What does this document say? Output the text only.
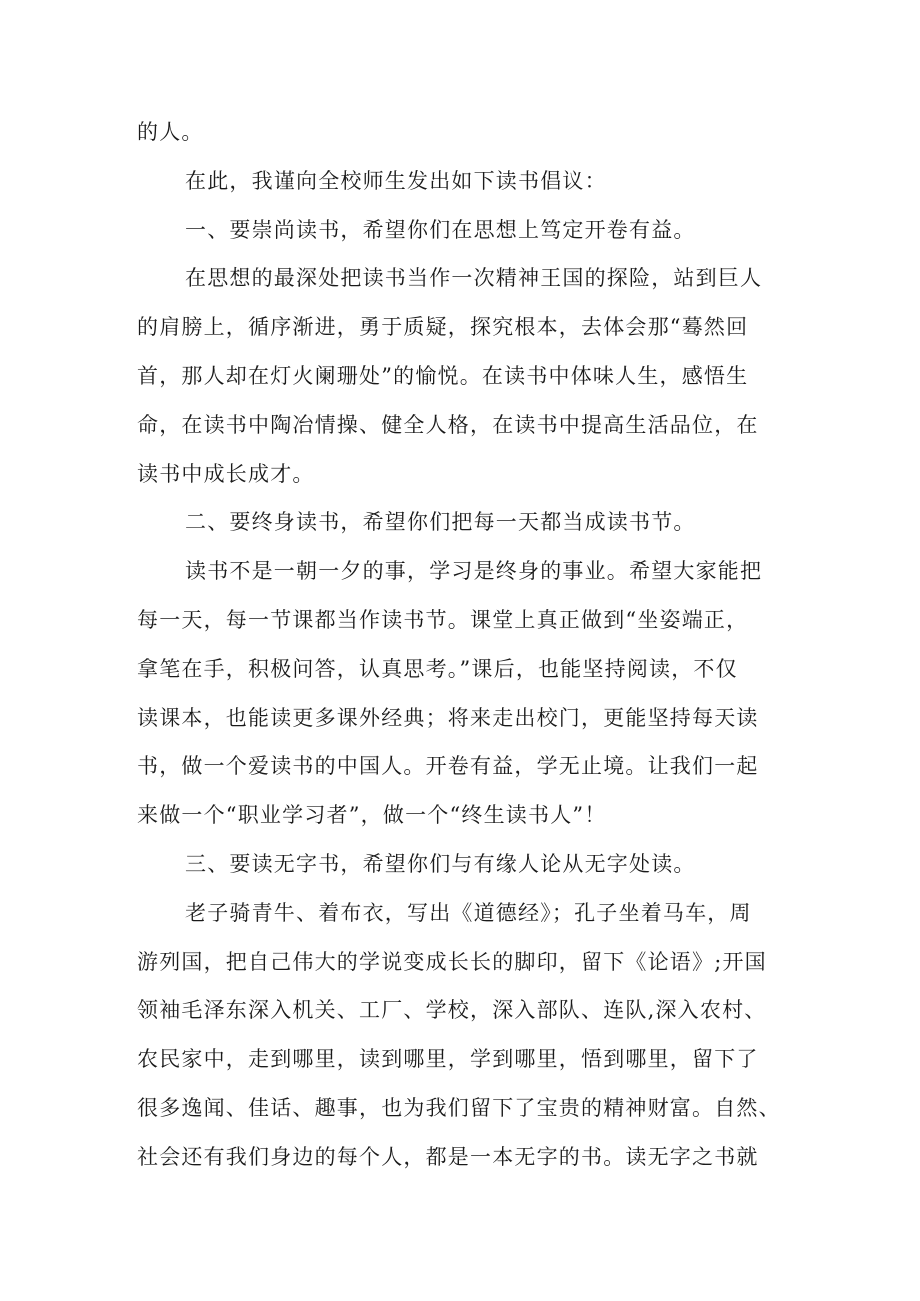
的人。
在此，我谨向全校师生发出如下读书倡议：
一、要崇尚读书，希望你们在思想上笃定开卷有益。
在思想的最深处把读书当作一次精神王国的探险，站到巨人
的肩膀上，循序渐进，勇于质疑，探究根本，去体会那“蓦然回
首，那人却在灯火阑珊处”的愉悦。在读书中体味人生，感悟生
命，在读书中陶冶情操、健全人格，在读书中提高生活品位，在
读书中成长成才。
二、要终身读书，希望你们把每一天都当成读书节。
读书不是一朝一夕的事，学习是终身的事业。希望大家能把
每一天，每一节课都当作读书节。课堂上真正做到“坐姿端正，
拿笔在手，积极问答，认真思考。”课后，也能坚持阅读，不仅
读课本，也能读更多课外经典；将来走出校门，更能坚持每天读
书，做一个爱读书的中国人。开卷有益，学无止境。让我们一起
来做一个“职业学习者”，做一个“终生读书人”！
三、要读无字书，希望你们与有缘人论从无字处读。
老子骑青牛、着布衣，写出《道德经》；孔子坐着马车，周
游列国，把自己伟大的学说变成长长的脚印，留下《论语》;开国
领袖毛泽东深入机关、工厂、学校，深入部队、连队,深入农村、
农民家中，走到哪里，读到哪里，学到哪里，悟到哪里，留下了
很多逸闻、佳话、趣事，也为我们留下了宝贵的精神财富。自然、
社会还有我们身边的每个人，都是一本无字的书。读无字之书就
